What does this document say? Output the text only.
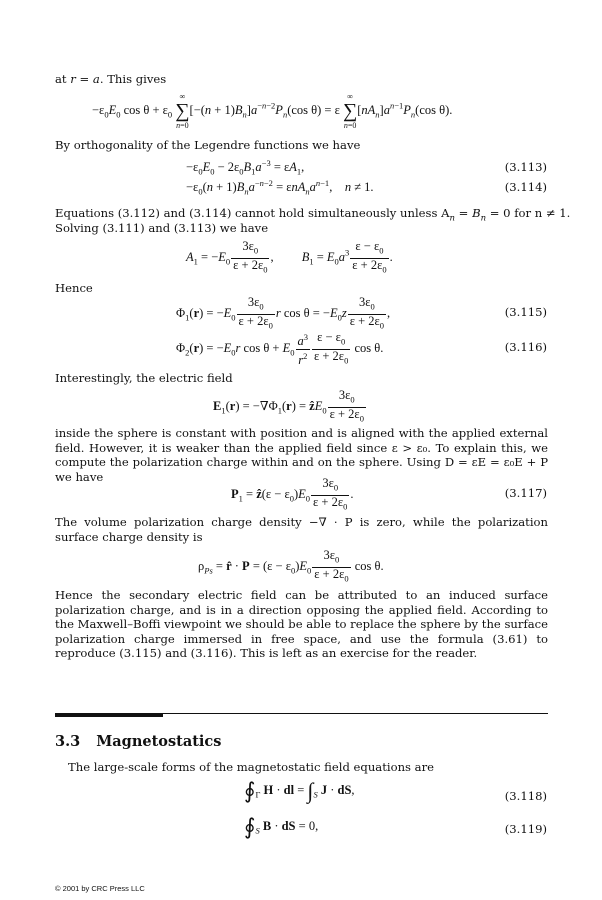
at r = a. This gives
$-\varepsilon_0E_0$ $\cos \theta + \varepsilon_0$ ∞
∑
$n=0[-(n + 1)B_n]a^{-n-2}P_n(\cos$ θ) = ε ∞
∑
$n=0[nA_n]a^{n-1}P_n(\cos$ θ).
By orthogonality of the Legendre functions we have
$-\varepsilon_0E_0 - 2\varepsilon_0B_1a^{-3} = \varepsilon A_1$,	(3.113)
$-\varepsilon_0(n + 1)B_na^{-n-2} = \varepsilon nA_na^{n-1}$,    n ≠ 1.	(3.114)
Equations (3.112) and (3.114) cannot hold simultaneously unless $A_n = B_n = 0$ for n ≠ 1.
Solving (3.111) and (3.113) we have
$A_1 = -E_0 \frac{3\varepsilon_0}{\varepsilon + 2\varepsilon_0}$ ,         $B_1 = E_0a^3 \frac{\varepsilon - \varepsilon_0}{\varepsilon + 2\varepsilon_0}$ .
Hence
$\Phi_1(r) = -E_0 \frac{3\varepsilon_0}{\varepsilon + 2\varepsilon_0}$ r $\cos \theta = -E_0z \frac{3\varepsilon_0}{\varepsilon + 2\varepsilon_0}$ ,	(3.115)
$\Phi_2(r) = -E_0r$ $\cos \theta + E_0 \frac{a^3}{r^2} \frac{\varepsilon - \varepsilon_0}{\varepsilon + 2\varepsilon_0}$ cos θ.	(3.116)
Interestingly, the electric field
$E_1(r) = -\nabla\Phi_1(r)$ = ẑE$_0$ $\frac{3\varepsilon_0}{\varepsilon + 2\varepsilon_0}$
inside the sphere is constant with position and is aligned with the applied external field. However, it is weaker than the applied field since ε > ε₀. To explain this, we compute the polarization charge within and on the sphere. Using D = εE = ε₀E + P we have
$P_1$ = ẑ(ε − $\varepsilon_0)E_0 \frac{3\varepsilon_0}{\varepsilon + 2\varepsilon_0}$ .	(3.117)
The volume polarization charge density −∇ · P is zero, while the polarization surface charge density is
$\rho_{Ps}$ = r̂ · $P = (\varepsilon - \varepsilon_0)E_0 \frac{3\varepsilon_0}{\varepsilon + 2\varepsilon_0}$ cos θ.
Hence the secondary electric field can be attributed to an induced surface polarization charge, and is in a direction opposing the applied field. According to the Maxwell–Boffi viewpoint we should be able to replace the sphere by the surface polarization charge immersed in free space, and use the formula (3.61) to reproduce (3.115) and (3.116). This is left as an exercise for the reader.
3.3 Magnetostatics
The large-scale forms of the magnetostatic field equations are
$∮_\Gamma$ H · dl = $\int_S$ J · dS,	(3.118)
$∮_S$ B · dS = 0,	(3.119)
© 2001 by CRC Press LLC
